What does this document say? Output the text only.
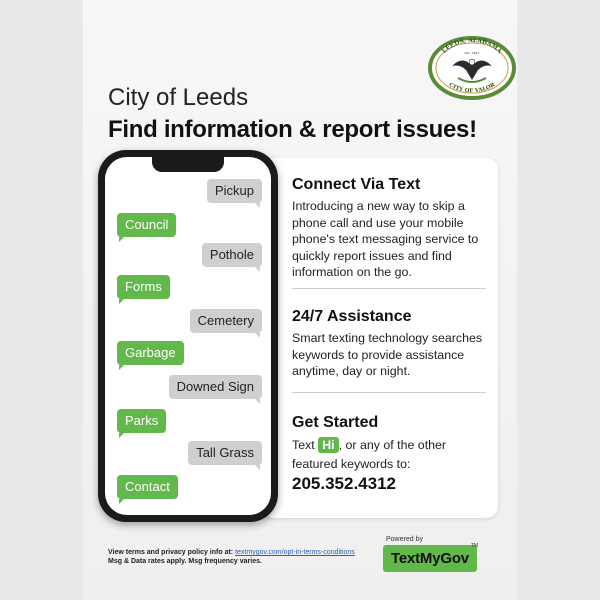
LEEDS, ALABAMA
INC. 1887
CITY OF VALOR
City of Leeds
Find information & report issues!
Connect Via Text
Introducing a new way to skip a phone call and use your mobile phone's text messaging service to quickly report issues and find information on the go.
24/7 Assistance
Smart texting technology searches keywords to provide assistance anytime, day or night.
Get Started
Text Hi , or any of the other featured keywords to:
205.352.4312
Pickup
Council
Pothole
Forms
Cemetery
Garbage
Downed Sign
Parks
Tall Grass
Contact
View terms and privacy policy info at: textmygov.com/opt-in-terms-conditions
Msg & Data rates apply. Msg frequency varies.
Powered by
TextMyGov
TM
